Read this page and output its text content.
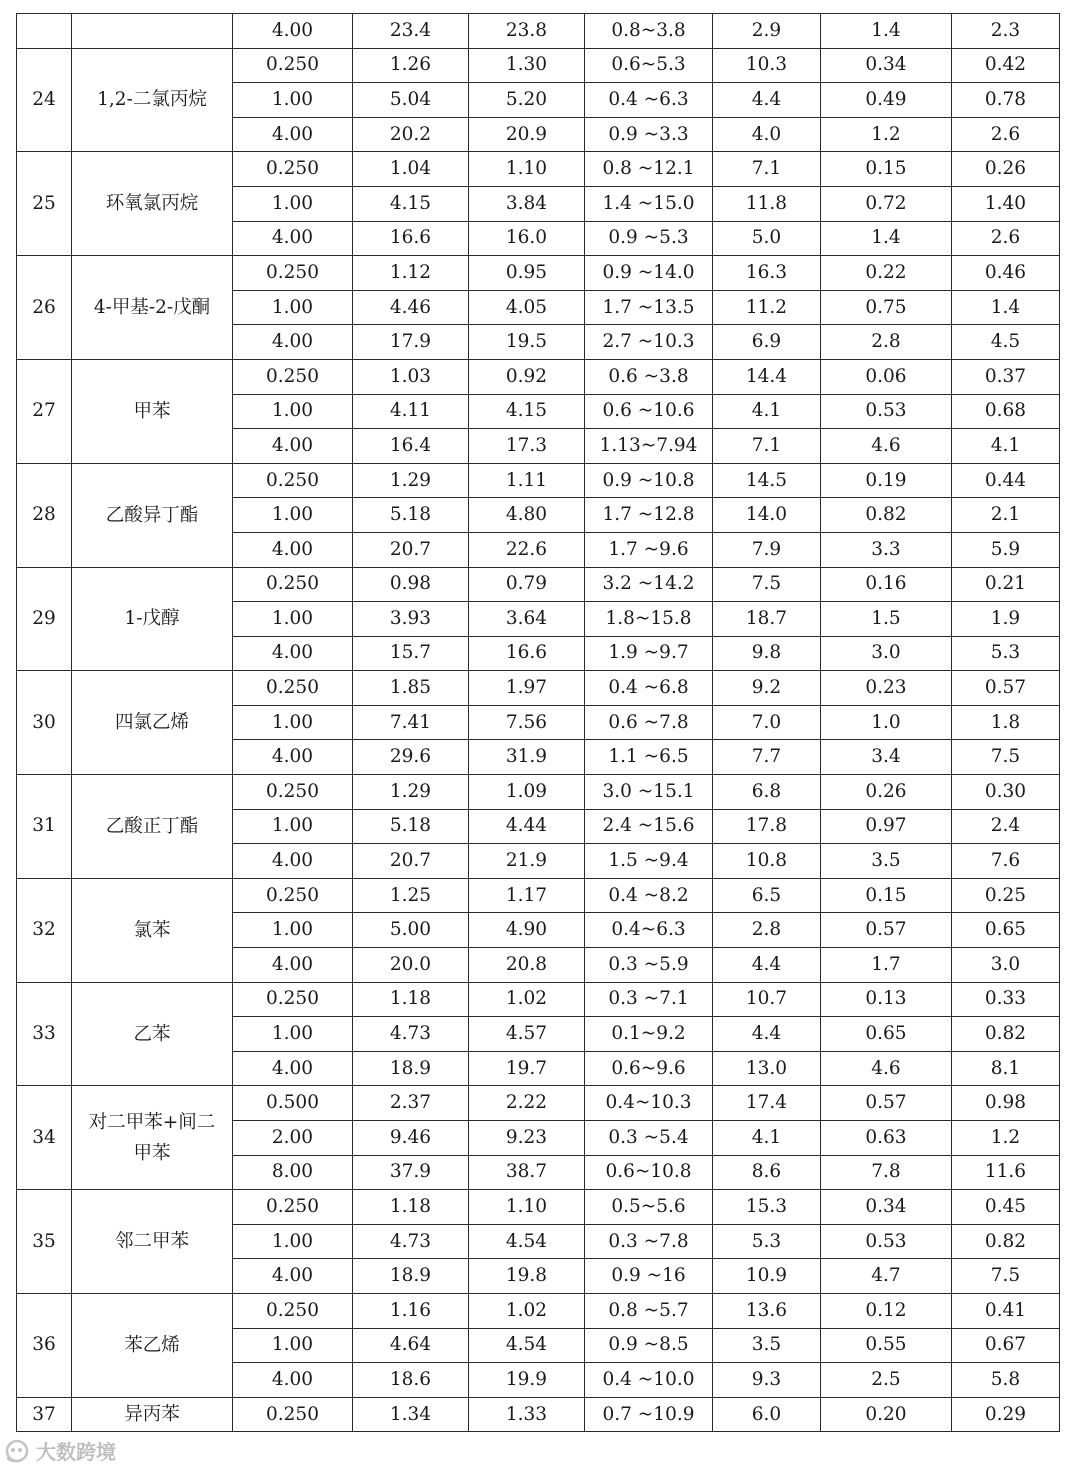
		4.00	23.4	23.8	0.8~3.8	2.9	1.4	2.3
24	1,2-二氯丙烷	0.250	1.26	1.30	0.6~5.3	10.3	0.34	0.42
		1.00	5.04	5.20	0.4 ~6.3	4.4	0.49	0.78
		4.00	20.2	20.9	0.9 ~3.3	4.0	1.2	2.6
25	环氧氯丙烷	0.250	1.04	1.10	0.8 ~12.1	7.1	0.15	0.26
		1.00	4.15	3.84	1.4 ~15.0	11.8	0.72	1.40
		4.00	16.6	16.0	0.9 ~5.3	5.0	1.4	2.6
26	4-甲基-2-戊酮	0.250	1.12	0.95	0.9 ~14.0	16.3	0.22	0.46
		1.00	4.46	4.05	1.7 ~13.5	11.2	0.75	1.4
		4.00	17.9	19.5	2.7 ~10.3	6.9	2.8	4.5
27	甲苯	0.250	1.03	0.92	0.6 ~3.8	14.4	0.06	0.37
		1.00	4.11	4.15	0.6 ~10.6	4.1	0.53	0.68
		4.00	16.4	17.3	1.13~7.94	7.1	4.6	4.1
28	乙酸异丁酯	0.250	1.29	1.11	0.9 ~10.8	14.5	0.19	0.44
		1.00	5.18	4.80	1.7 ~12.8	14.0	0.82	2.1
		4.00	20.7	22.6	1.7 ~9.6	7.9	3.3	5.9
29	1-戊醇	0.250	0.98	0.79	3.2 ~14.2	7.5	0.16	0.21
		1.00	3.93	3.64	1.8~15.8	18.7	1.5	1.9
		4.00	15.7	16.6	1.9 ~9.7	9.8	3.0	5.3
30	四氯乙烯	0.250	1.85	1.97	0.4 ~6.8	9.2	0.23	0.57
		1.00	7.41	7.56	0.6 ~7.8	7.0	1.0	1.8
		4.00	29.6	31.9	1.1 ~6.5	7.7	3.4	7.5
31	乙酸正丁酯	0.250	1.29	1.09	3.0 ~15.1	6.8	0.26	0.30
		1.00	5.18	4.44	2.4 ~15.6	17.8	0.97	2.4
		4.00	20.7	21.9	1.5 ~9.4	10.8	3.5	7.6
32	氯苯	0.250	1.25	1.17	0.4 ~8.2	6.5	0.15	0.25
		1.00	5.00	4.90	0.4~6.3	2.8	0.57	0.65
		4.00	20.0	20.8	0.3 ~5.9	4.4	1.7	3.0
33	乙苯	0.250	1.18	1.02	0.3 ~7.1	10.7	0.13	0.33
		1.00	4.73	4.57	0.1~9.2	4.4	0.65	0.82
		4.00	18.9	19.7	0.6~9.6	13.0	4.6	8.1
34	对二甲苯+间二甲苯	0.500	2.37	2.22	0.4~10.3	17.4	0.57	0.98
		2.00	9.46	9.23	0.3 ~5.4	4.1	0.63	1.2
		8.00	37.9	38.7	0.6~10.8	8.6	7.8	11.6
35	邻二甲苯	0.250	1.18	1.10	0.5~5.6	15.3	0.34	0.45
		1.00	4.73	4.54	0.3 ~7.8	5.3	0.53	0.82
		4.00	18.9	19.8	0.9 ~16	10.9	4.7	7.5
36	苯乙烯	0.250	1.16	1.02	0.8 ~5.7	13.6	0.12	0.41
		1.00	4.64	4.54	0.9 ~8.5	3.5	0.55	0.67
		4.00	18.6	19.9	0.4 ~10.0	9.3	2.5	5.8
37	异丙苯	0.250	1.34	1.33	0.7 ~10.9	6.0	0.20	0.29
大数跨境
